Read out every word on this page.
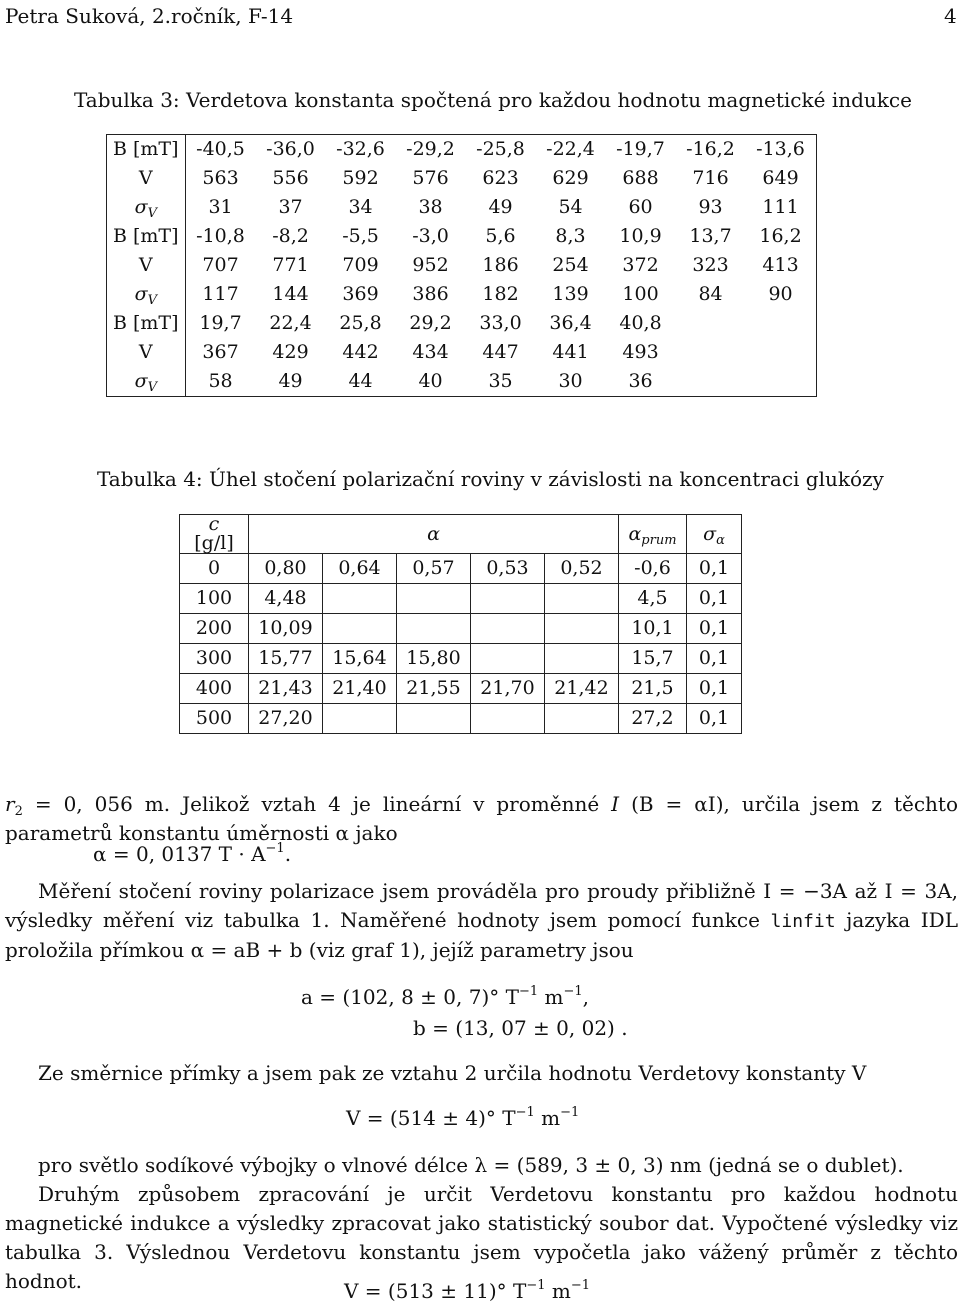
Petra Suková, 2.ročník, F-14	4
Tabulka 3: Verdetova konstanta spočtená pro každou hodnotu magnetické indukce
B [mT]	-40,5	-36,0	-32,6	-29,2	-25,8	-22,4	-19,7	-16,2	-13,6
V	563	556	592	576	623	629	688	716	649
$\sigma_V$	31	37	34	38	49	54	60	93	111
B [mT]	-10,8	-8,2	-5,5	-3,0	5,6	8,3	10,9	13,7	16,2
V	707	771	709	952	186	254	372	323	413
$\sigma_V$	117	144	369	386	182	139	100	84	90
B [mT]	19,7	22,4	25,8	29,2	33,0	36,4	40,8		
V	367	429	442	434	447	441	493		
$\sigma_V$	58	49	44	40	35	30	36		
Tabulka 4: Úhel stočení polarizační roviny v závislosti na koncentraci glukózy
c [g/l]	α					$\alpha_{prum}$	$\sigma_\alpha$
0	0,80	0,64	0,57	0,53	0,52	-0,6	0,1
100	4,48					4,5	0,1
200	10,09					10,1	0,1
300	15,77	15,64	15,80			15,7	0,1
400	21,43	21,40	21,55	21,70	21,42	21,5	0,1
500	27,20					27,2	0,1
$r_2 = 0$, 056 m. Jelikož vztah 4 je lineární v proměnné I (B = αI), určila jsem z těchto parametrů konstantu úměrnosti α jako
α = 0, 0137 $T \cdot A^{-1}$.
Měření stočení roviny polarizace jsem prováděla pro proudy přibližně I = −3A až I = 3A, výsledky měření viz tabulka 1. Naměřené hodnoty jsem pomocí funkce linfit jazyka IDL proložila přímkou α = aB + b (viz graf 1), jejíž parametry jsou
a = (102, 8 ± 0, 7)° $T^{-1}$ $m^{-1}$,
b = (13, 07 ± 0, 02) .
Ze směrnice přímky a jsem pak ze vztahu 2 určila hodnotu Verdetovy konstanty V
V = (514 ± 4)° $T^{-1}$ $m^{-1}$
pro světlo sodíkové výbojky o vlnové délce λ = (589, 3 ± 0, 3) nm (jedná se o dublet).
Druhým způsobem zpracování je určit Verdetovu konstantu pro každou hodnotu magnetické indukce a výsledky zpracovat jako statistický soubor dat. Vypočtené výsledky viz tabulka 3. Výslednou Verdetovu konstantu jsem vypočetla jako vážený průměr z těchto hodnot.	V = (513 ± 11)° $T^{-1}$ $m^{-1}$
